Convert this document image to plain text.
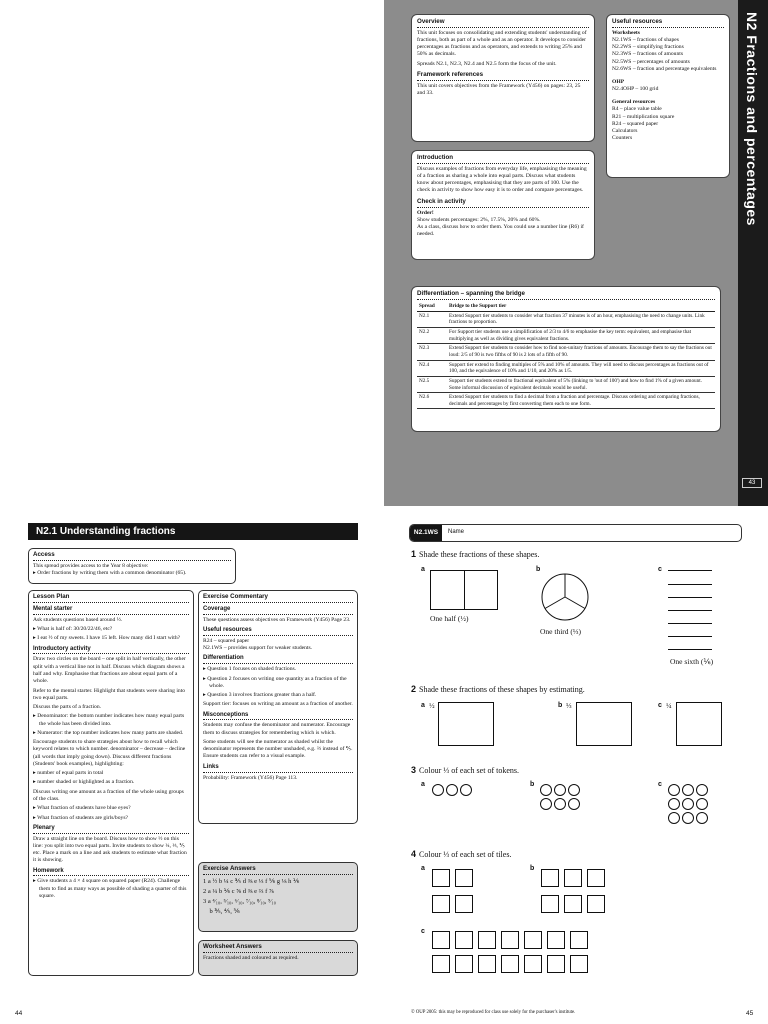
Overview

This unit focuses on consolidating and extending students' understanding of fractions, both as part of a whole and as an operator. It develops to consider percentages as fractions and as operators, and extends to writing 25% and 50% as decimals.

Spreads N2.1, N2.3, N2.4 and N2.5 form the focus of the unit.

Framework references

This unit covers objectives from the Framework (Y456) on pages: 23, 25 and 33.

Useful resources
Worksheets
N2.1WS – fractions of shapes
N2.2WS – simplifying fractions
N2.3WS – fractions of amounts
N2.5WS – percentages of amounts
N2.6WS – fraction and percentage equivalents
OHP
N2.4OHP – 100 grid
General resources
R4 – place value table
R21 – multiplication square
R24 – squared paper
Calculators
Counters
Introduction

Discuss examples of fractions from everyday life, emphasising the meaning of a fraction as sharing a whole into equal parts. Discuss what students know about percentages, emphasising that they are parts of 100. Use the check in activity to show how easy it is to order and compare percentages.

Check in activity
Order!

Show students percentages: 2%, 17.5%, 20% and 60%.
As a class, discuss how to order them. You could use a number line (R6) if needed.

Differentiation – spanning the bridge
Spread	Bridge to the Support tier
N2.1	Extend Support tier students to consider what fraction 37 minutes is of an hour, emphasising the need to change units. Link fractions to proportion.
N2.2	For Support tier students use a simplification of 2/3 to 4/6 to emphasise the key term: equivalent, and emphasise that multiplying as well as dividing gives equivalent fractions.
N2.3	Extend Support tier students to consider how to find non-unitary fractions of amounts. Encourage them to say the fractions out loud: 2/5 of 90 is two fifths of 90 is 2 lots of a fifth of 90.
N2.4	Support tier extend to finding multiples of 5% and 10% of amounts. They will need to discuss percentages as fractions out of 100, and the equivalence of 10% and 1/10, and 20% as 1/5.
N2.5	Support tier students extend to fractional equivalent of 5% (linking to 'out of 100') and how to find 1% of a given amount. Some informal discussion of equivalent decimals would be useful.
N2.6	Extend Support tier students to find a decimal from a fraction and percentage. Discuss ordering and comparing fractions, decimals and percentages by first converting them each to one form.
N2 Fractions and percentages
43
N2.1 Understanding fractions
Access
This spread provides access to the Year 8 objective:
▸ Order fractions by writing them with a common denominator (65).
Lesson Plan
Mental starter

Ask students questions based around ½.

▸ What is half of: 30/20/22/46, etc?

▸ I eat ½ of my sweets. I have 15 left. How many did I start with?

Introductory activity

Draw two circles on the board – one split in half vertically, the other split with a vertical line not in half. Discuss which diagram shows a half and why. Emphasise that fractions are about equal parts of a whole.

Refer to the mental starter. Highlight that students were sharing into two equal parts.

Discuss the parts of a fraction.

▸ Denominator: the bottom number indicates how many equal parts the whole has been divided into.

▸ Numerator: the top number indicates how many parts are shaded.

Encourage students to share strategies about how to recall which keyword relates to which number. denominator – decrease – decline (all words that imply going down). Discuss different fractions (Students' book examples), highlighting:

▸ number of equal parts in total

▸ number shaded or highlighted as a fraction.

Discuss writing one amount as a fraction of the whole using groups of the class.

▸ What fraction of students have blue eyes?

▸ What fraction of students are girls/boys?

Plenary

Draw a straight line on the board. Discuss how to show ½ on this line: you split into two equal parts. Invite students to show ¼, ⅓, ⅕ etc. Place a mark on a line and ask students to estimate what fraction it is showing.

Homework

▸ Give students a 4 × 4 square on squared paper (R24). Challenge them to find as many ways as possible of shading a quarter of this square.

Exercise Commentary
Coverage

These questions assess objectives on Framework (Y456) Page 23.

Useful resources
R24 – squared paper

N2.1WS – provides support for weaker students.

Differentiation

▸ Question 1 focuses on shaded fractions.

▸ Question 2 focuses on writing one quantity as a fraction of the whole.

▸ Question 3 involves fractions greater than a half.

Support tier: focuses on writing an amount as a fraction of another.

Misconceptions

Students may confuse the denominator and numerator. Encourage them to discuss strategies for remembering which is which.

Some students will see the numerator as shaded whilst the denominator represents the number unshaded, e.g. ⅔ instead of ⅖. Ensure students can refer to a visual example.

Links

Probability: Framework (Y456) Page 113.

Exercise Answers
1 a ½ b ¼ c ⅗ d ⅜ e ⅓ f ⅚ g ⅛ h ⅙
2 a ¼ b ⅙ c ⅝ d ⅜ e ⅔ f ⅞
3 a ⁴⁄₁₀, ⁵⁄₁₀, ⁶⁄₁₀, ⁷⁄₁₀, ⁸⁄₁₀, ⁹⁄₁₀
b ⅗, ⅘, ⅚
Worksheet Answers
Fractions shaded and coloured as required.
44
N2.1WS	Name
1 Shade these fractions of these shapes.
a
One half (½)
b
One third (⅓)
c
One sixth (⅙)
2 Shade these fractions of these shapes by estimating.
a ½	b ⅓	c ¼
3 Colour ⅓ of each set of tokens.
a	b	c
4 Colour ⅓ of each set of tiles.
a	b
c
© OUP 2005: this may be reproduced for class use solely for the purchaser's institute.	45
